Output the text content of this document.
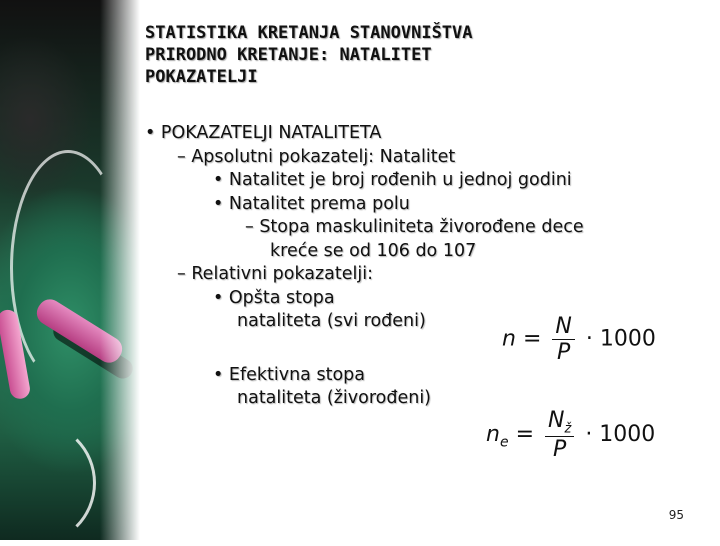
STATISTIKA KRETANJA STANOVNIŠTVA
PRIRODNO KRETANJE: NATALITET
POKAZATELJI
• POKAZATELJI NATALITETA
– Apsolutni pokazatelj: Natalitet
• Natalitet je broj rođenih u jednoj godini
• Natalitet prema polu
– Stopa maskuliniteta živorođene dece
kreće se od 106 do 107
– Relativni pokazatelji:
• Opšta stopa
nataliteta (svi rođeni)
• Efektivna stopa
nataliteta (živorođeni)
$n = \frac{N}{P} \cdot 1000$
$n_e = \frac{N_ž}{P} \cdot 1000$
95
